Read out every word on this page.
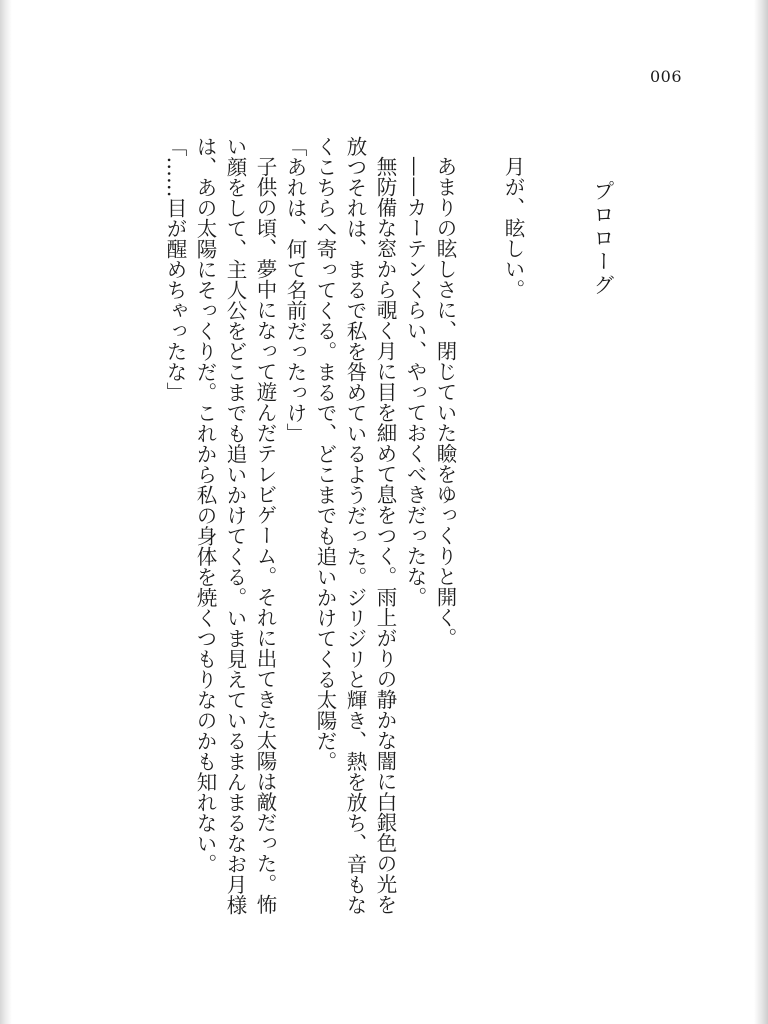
006
プロローグ
月が、眩しい。
あまりの眩しさに、閉じていた瞼をゆっくりと開く。
——カーテンくらい、やっておくべきだったな。
無防備な窓から覗く月に目を細めて息をつく。雨上がりの静かな闇に白銀色の光を
放つそれは、まるで私を咎めているようだった。ジリジリと輝き、熱を放ち、音もな
くこちらへ寄ってくる。まるで、どこまでも追いかけてくる太陽だ。
「あれは、何て名前だったっけ」
子供の頃、夢中になって遊んだテレビゲーム。それに出てきた太陽は敵だった。怖
い顔をして、主人公をどこまでも追いかけてくる。いま見えているまんまるなお月様
は、あの太陽にそっくりだ。これから私の身体を焼くつもりなのかも知れない。
「……目が醒めちゃったな」
